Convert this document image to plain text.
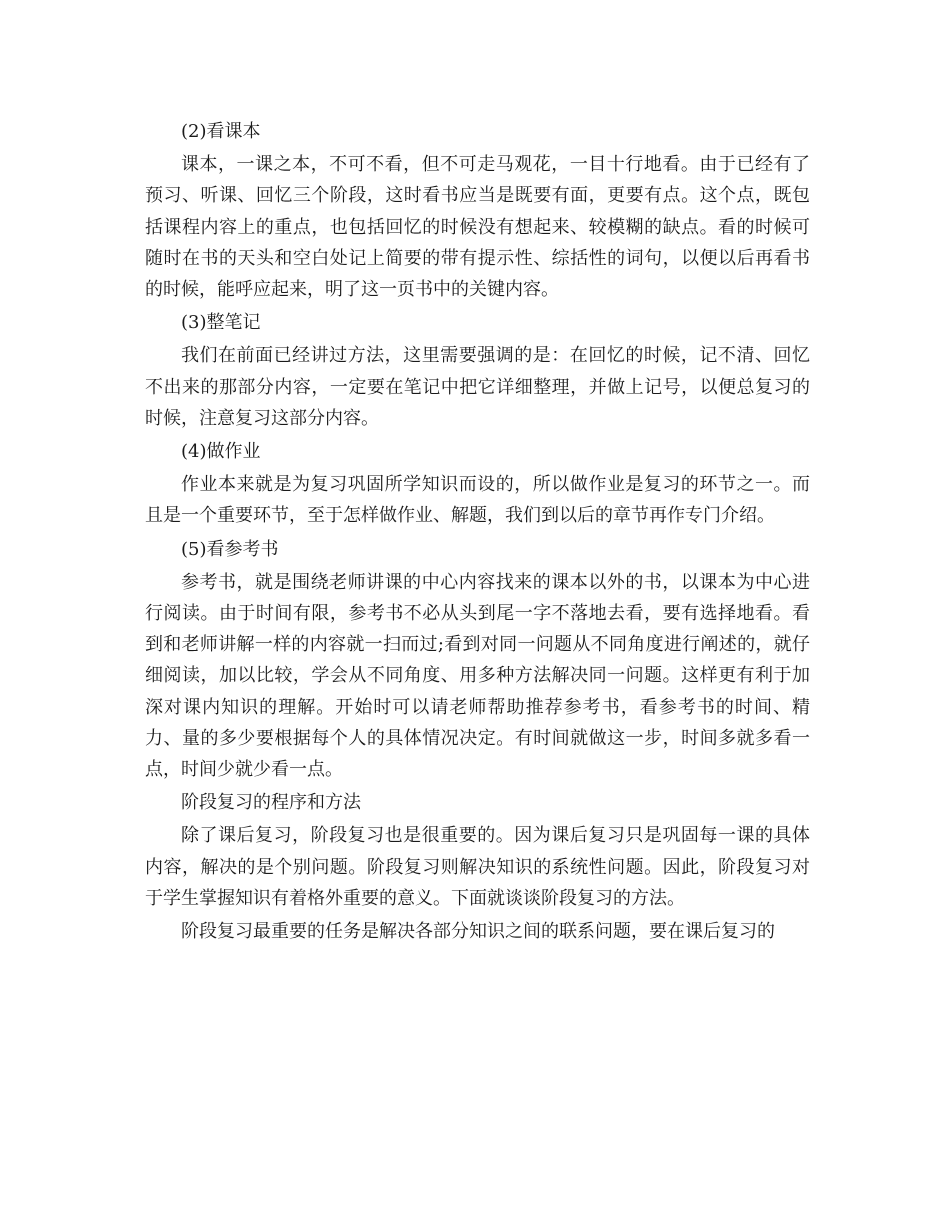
(2)看课本

课本，一课之本，不可不看，但不可走马观花，一目十行地看。由于已经有了预习、听课、回忆三个阶段，这时看书应当是既要有面，更要有点。这个点，既包括课程内容上的重点，也包括回忆的时候没有想起来、较模糊的缺点。看的时候可随时在书的天头和空白处记上简要的带有提示性、综括性的词句，以便以后再看书的时候，能呼应起来，明了这一页书中的关键内容。

(3)整笔记

我们在前面已经讲过方法，这里需要强调的是：在回忆的时候，记不清、回忆不出来的那部分内容，一定要在笔记中把它详细整理，并做上记号，以便总复习的时候，注意复习这部分内容。

(4)做作业

作业本来就是为复习巩固所学知识而设的，所以做作业是复习的环节之一。而且是一个重要环节，至于怎样做作业、解题，我们到以后的章节再作专门介绍。

(5)看参考书

参考书，就是围绕老师讲课的中心内容找来的课本以外的书，以课本为中心进行阅读。由于时间有限，参考书不必从头到尾一字不落地去看，要有选择地看。看到和老师讲解一样的内容就一扫而过;看到对同一问题从不同角度进行阐述的，就仔细阅读，加以比较，学会从不同角度、用多种方法解决同一问题。这样更有利于加深对课内知识的理解。开始时可以请老师帮助推荐参考书，看参考书的时间、精力、量的多少要根据每个人的具体情况决定。有时间就做这一步，时间多就多看一点，时间少就少看一点。

阶段复习的程序和方法

除了课后复习，阶段复习也是很重要的。因为课后复习只是巩固每一课的具体内容，解决的是个别问题。阶段复习则解决知识的系统性问题。因此，阶段复习对于学生掌握知识有着格外重要的意义。下面就谈谈阶段复习的方法。

阶段复习最重要的任务是解决各部分知识之间的联系问题，要在课后复习的
